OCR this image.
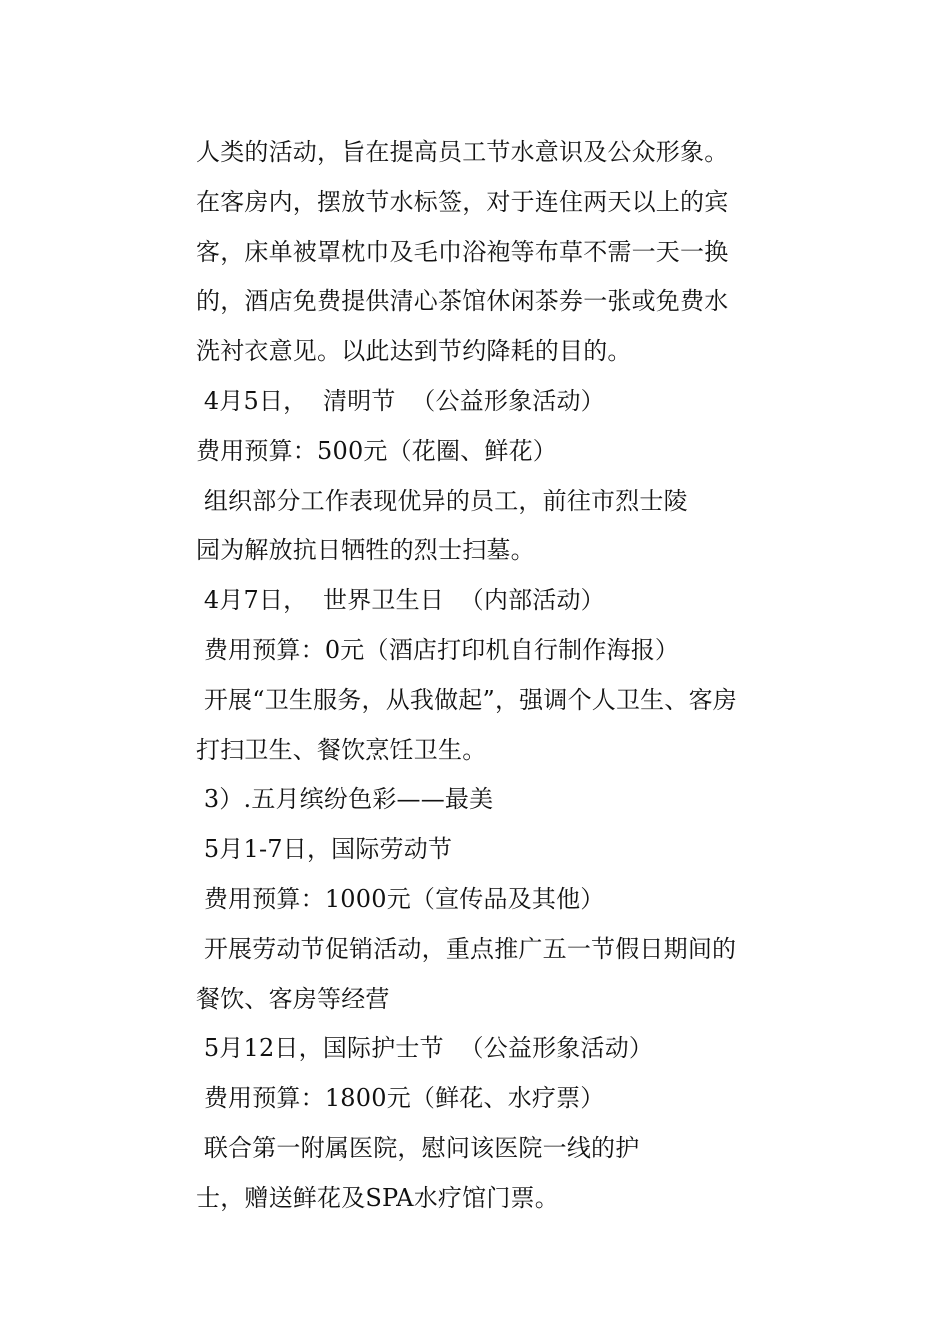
人类的活动，旨在提高员工节水意识及公众形象。
在客房内，摆放节水标签，对于连住两天以上的宾
客，床单被罩枕巾及毛巾浴袍等布草不需一天一换
的，酒店免费提供清心茶馆休闲茶券一张或免费水
洗衬衣意见。以此达到节约降耗的目的。
4月5日，  清明节  （公益形象活动）
费用预算：500元（花圈、鲜花）
组织部分工作表现优异的员工，前往市烈士陵
园为解放抗日牺牲的烈士扫墓。
4月7日，  世界卫生日  （内部活动）
费用预算：0元（酒店打印机自行制作海报）
开展“卫生服务，从我做起”，强调个人卫生、客房
打扫卫生、餐饮烹饪卫生。
3）.五月缤纷色彩——最美
5月1-7日，国际劳动节
费用预算：1000元（宣传品及其他）
开展劳动节促销活动，重点推广五一节假日期间的
餐饮、客房等经营
5月12日，国际护士节  （公益形象活动）
费用预算：1800元（鲜花、水疗票）
联合第一附属医院，慰问该医院一线的护
士，赠送鲜花及SPA水疗馆门票。
